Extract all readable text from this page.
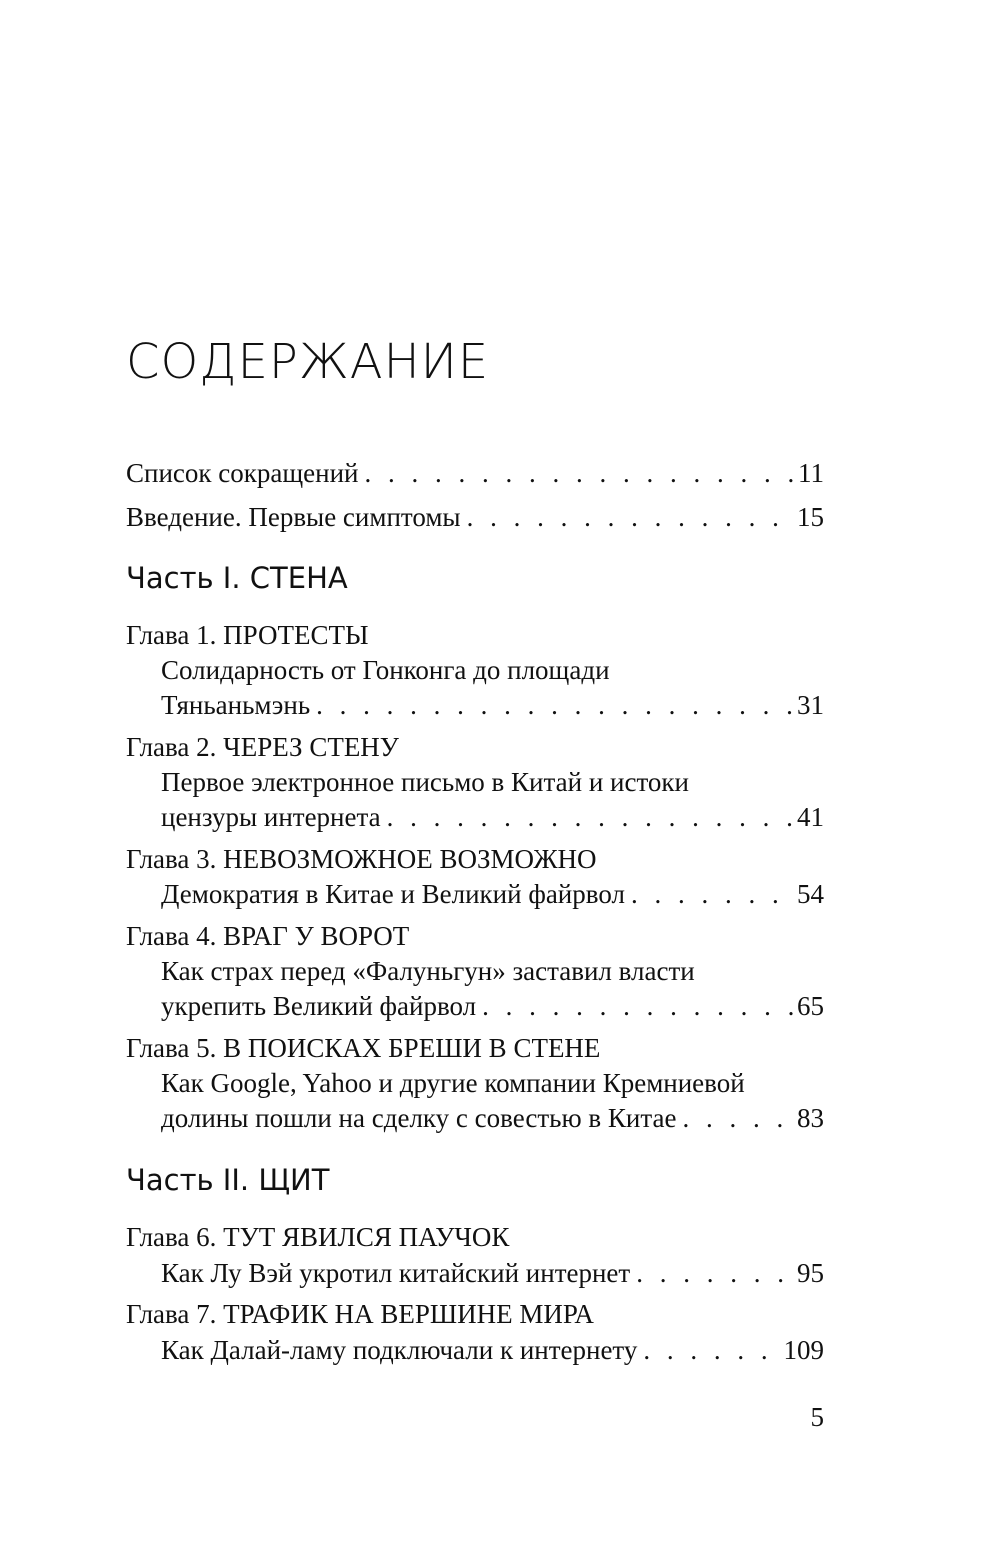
СОДЕРЖАНИЕ
Список сокращений . . .	11
Введение. Первые симптомы . . .	15
Часть I. СТЕНА
Глава 1. ПРОТЕСТЫ
Солидарность от Гонконга до площади
Тяньаньмэнь . . .	31
Глава 2. ЧЕРЕЗ СТЕНУ
Первое электронное письмо в Китай и истоки
цензуры интернета . . .	41
Глава 3. НЕВОЗМОЖНОЕ ВОЗМОЖНО
Демократия в Китае и Великий файрвол . . .	54
Глава 4. ВРАГ У ВОРОТ
Как страх перед «Фалуньгун» заставил власти
укрепить Великий файрвол . . .	65
Глава 5. В ПОИСКАХ БРЕШИ В СТЕНЕ
Как Google, Yahoo и другие компании Кремниевой
долины пошли на сделку с совестью в Китае . . .	83
Часть II. ЩИТ
Глава 6. ТУТ ЯВИЛСЯ ПАУЧОК
Как Лу Вэй укротил китайский интернет . . .	95
Глава 7. ТРАФИК НА ВЕРШИНЕ МИРА
Как Далай-ламу подключали к интернету . . .	109
5
